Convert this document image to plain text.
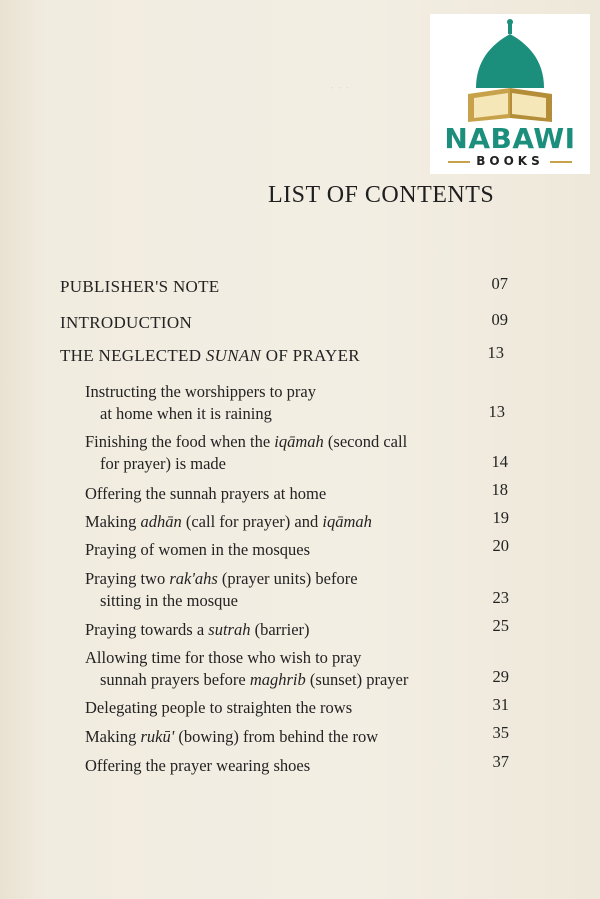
· · ·
NABAWI
BOOKS
LIST OF CONTENTS
PUBLISHER'S NOTE	07
INTRODUCTION	09
THE NEGLECTED SUNAN OF PRAYER	13
Instructing the worshippers to pray
at home when it is raining	13
Finishing the food when the iqāmah (second call
for prayer) is made	14
Offering the sunnah prayers at home	18
Making adhān (call for prayer) and iqāmah	19
Praying of women in the mosques	20
Praying two rak'ahs (prayer units) before
sitting in the mosque	23
Praying towards a sutrah (barrier)	25
Allowing time for those who wish to pray
sunnah prayers before maghrib (sunset) prayer	29
Delegating people to straighten the rows	31
Making rukū' (bowing) from behind the row	35
Offering the prayer wearing shoes	37
